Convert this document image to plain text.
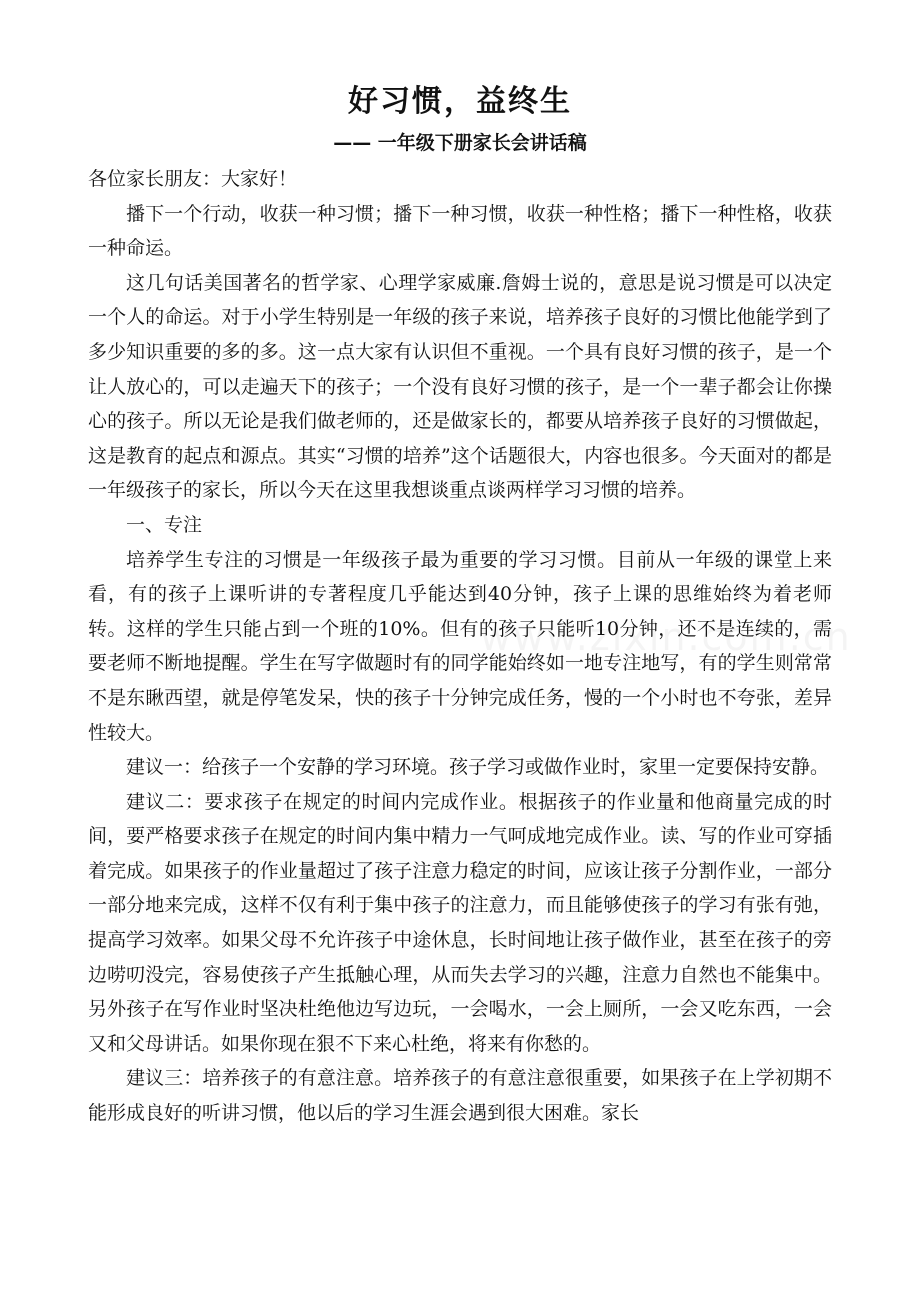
好习惯，益终生
—— 一年级下册家长会讲话稿

各位家长朋友：大家好！

播下一个行动，收获一种习惯；播下一种习惯，收获一种性格；播下一种性格，收获一种命运。

这几句话美国著名的哲学家、心理学家威廉.詹姆士说的，意思是说习惯是可以决定一个人的命运。对于小学生特别是一年级的孩子来说，培养孩子良好的习惯比他能学到了多少知识重要的多的多。这一点大家有认识但不重视。一个具有良好习惯的孩子，是一个让人放心的，可以走遍天下的孩子；一个没有良好习惯的孩子，是一个一辈子都会让你操心的孩子。所以无论是我们做老师的，还是做家长的，都要从培养孩子良好的习惯做起，这是教育的起点和源点。其实“习惯的培养”这个话题很大，内容也很多。今天面对的都是一年级孩子的家长，所以今天在这里我想谈重点谈两样学习习惯的培养。

一、专注

培养学生专注的习惯是一年级孩子最为重要的学习习惯。目前从一年级的课堂上来看，有的孩子上课听讲的专著程度几乎能达到40分钟，孩子上课的思维始终为着老师转。这样的学生只能占到一个班的10%。但有的孩子只能听10分钟，还不是连续的，需要老师不断地提醒。学生在写字做题时有的同学能始终如一地专注地写，有的学生则常常不是东瞅西望，就是停笔发呆，快的孩子十分钟完成任务，慢的一个小时也不夸张，差异性较大。

建议一：给孩子一个安静的学习环境。孩子学习或做作业时，家里一定要保持安静。

建议二：要求孩子在规定的时间内完成作业。根据孩子的作业量和他商量完成的时间，要严格要求孩子在规定的时间内集中精力一气呵成地完成作业。读、写的作业可穿插着完成。如果孩子的作业量超过了孩子注意力稳定的时间，应该让孩子分割作业，一部分一部分地来完成，这样不仅有利于集中孩子的注意力，而且能够使孩子的学习有张有弛，提高学习效率。如果父母不允许孩子中途休息，长时间地让孩子做作业，甚至在孩子的旁边唠叨没完，容易使孩子产生抵触心理，从而失去学习的兴趣，注意力自然也不能集中。另外孩子在写作业时坚决杜绝他边写边玩，一会喝水，一会上厕所，一会又吃东西，一会又和父母讲话。如果你现在狠不下来心杜绝，将来有你愁的。

建议三：培养孩子的有意注意。培养孩子的有意注意很重要，如果孩子在上学初期不能形成良好的听讲习惯，他以后的学习生涯会遇到很大困难。家长
